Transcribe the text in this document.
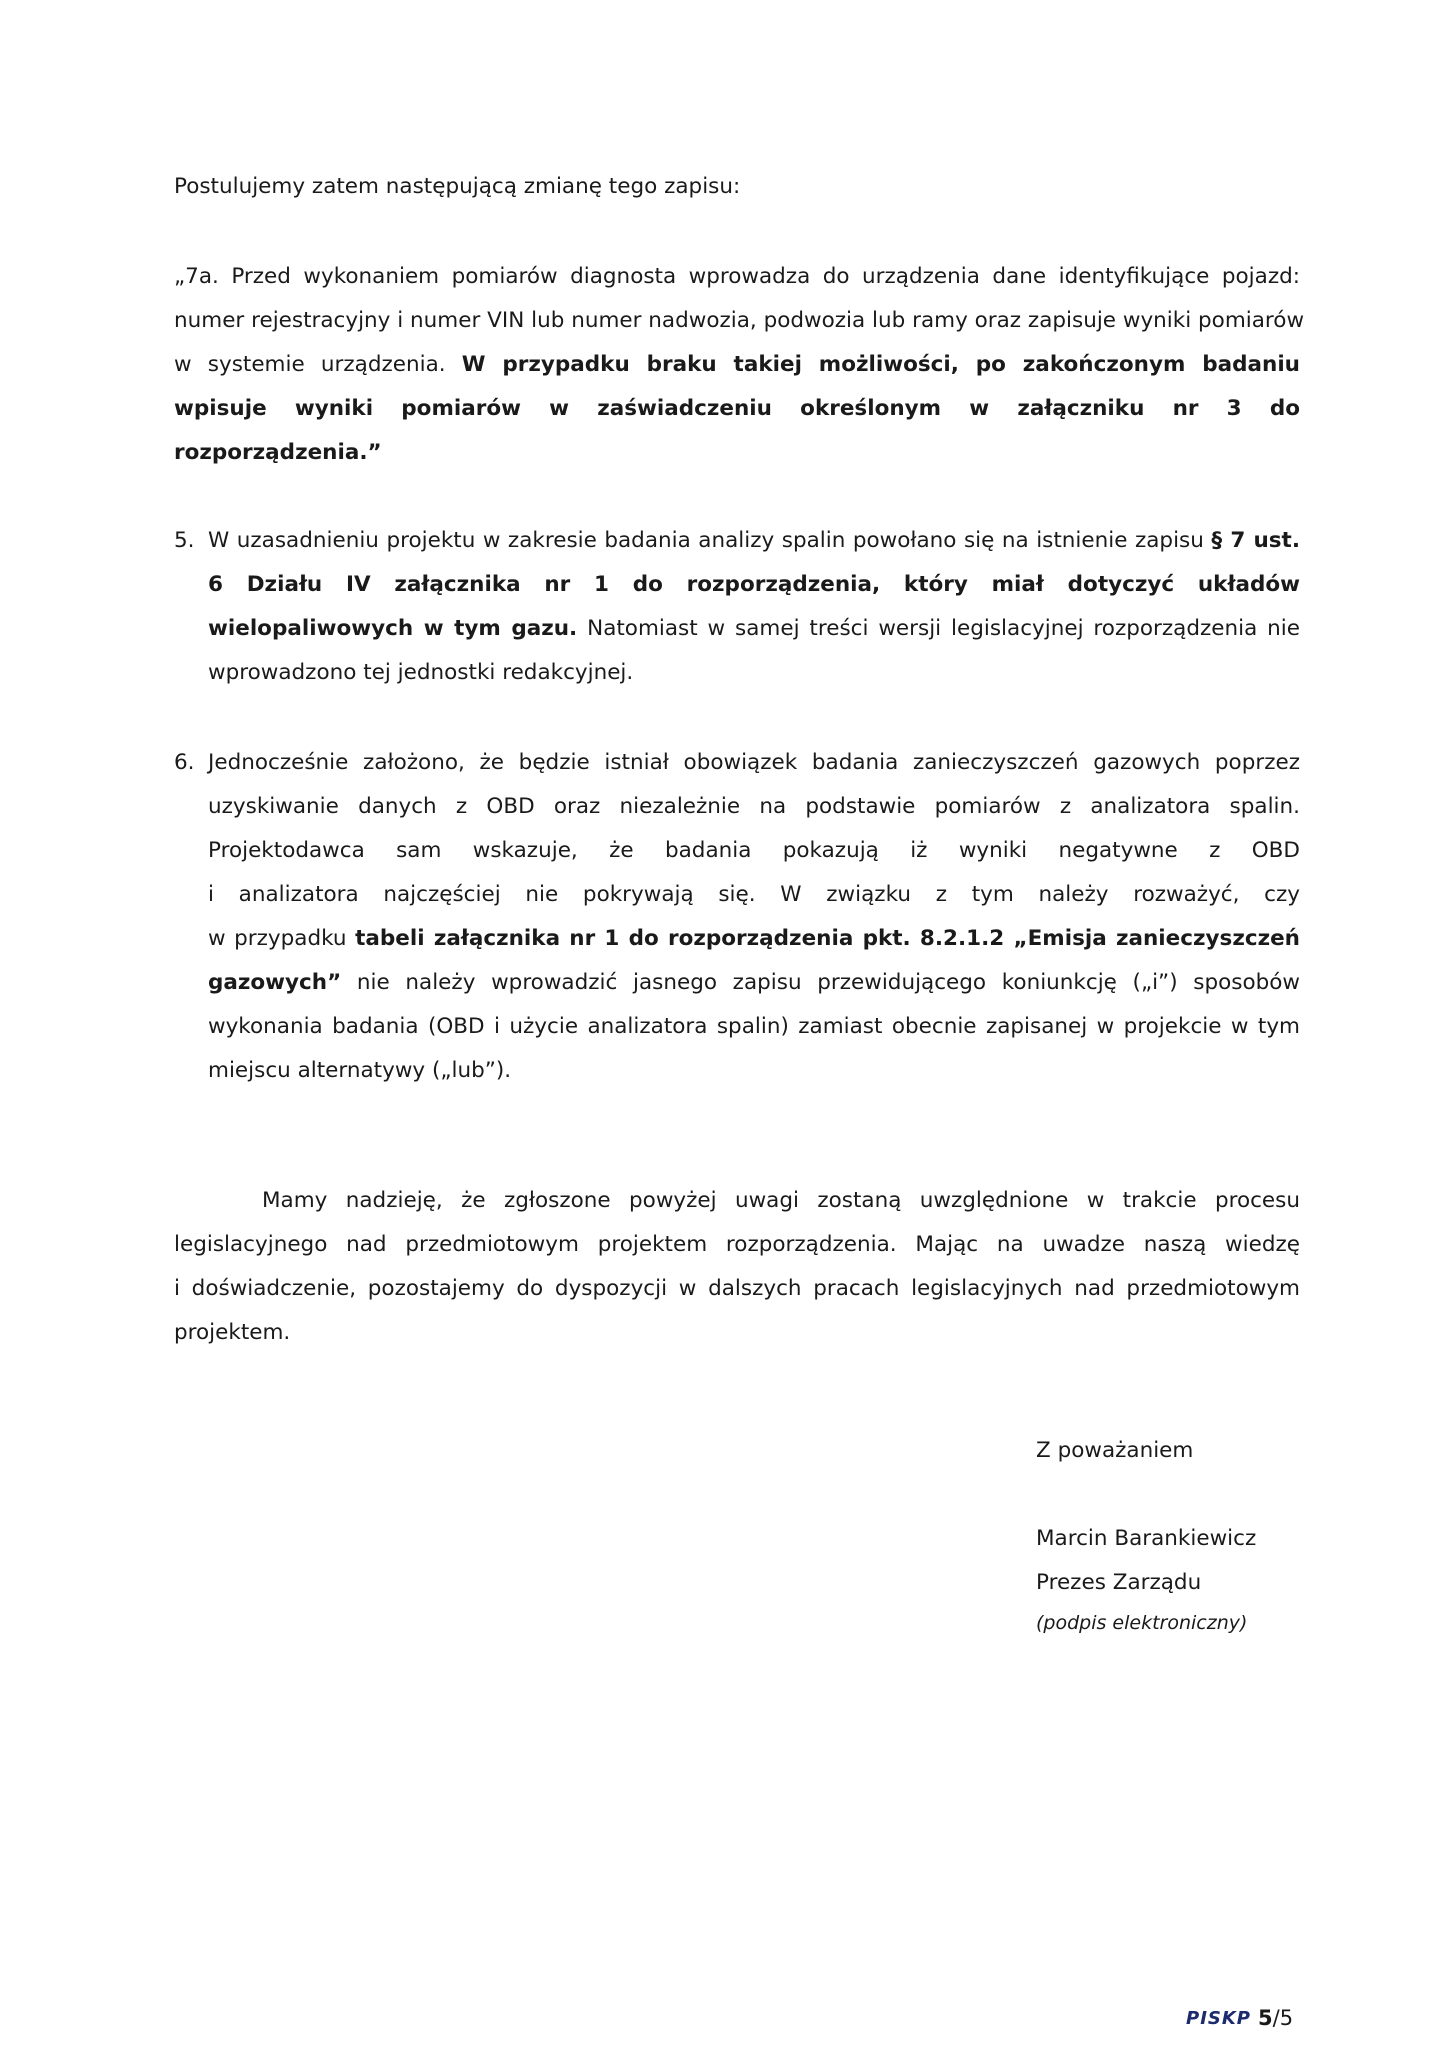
Postulujemy zatem następującą zmianę tego zapisu:
„7a. Przed wykonaniem pomiarów diagnosta wprowadza do urządzenia dane identyfikujące pojazd:
numer rejestracyjny i numer VIN lub numer nadwozia, podwozia lub ramy oraz zapisuje wyniki pomiarów
w systemie urządzenia. W przypadku braku takiej możliwości, po zakończonym badaniu
wpisuje wyniki pomiarów w zaświadczeniu określonym w załączniku nr 3 do
rozporządzenia.”
5. W uzasadnieniu projektu w zakresie badania analizy spalin powołano się na istnienie zapisu § 7 ust.
6 Działu IV załącznika nr 1 do rozporządzenia, który miał dotyczyć układów
wielopaliwowych w tym gazu. Natomiast w samej treści wersji legislacyjnej rozporządzenia nie
wprowadzono tej jednostki redakcyjnej.
6. Jednocześnie założono, że będzie istniał obowiązek badania zanieczyszczeń gazowych poprzez
uzyskiwanie danych z OBD oraz niezależnie na podstawie pomiarów z analizatora spalin.
Projektodawca sam wskazuje, że badania pokazują iż wyniki negatywne z OBD
i analizatora najczęściej nie pokrywają się. W związku z tym należy rozważyć, czy
w przypadku tabeli załącznika nr 1 do rozporządzenia pkt. 8.2.1.2 „Emisja zanieczyszczeń
gazowych” nie należy wprowadzić jasnego zapisu przewidującego koniunkcję („i”) sposobów
wykonania badania (OBD i użycie analizatora spalin) zamiast obecnie zapisanej w projekcie w tym
miejscu alternatywy („lub”).
Mamy nadzieję, że zgłoszone powyżej uwagi zostaną uwzględnione w trakcie procesu
legislacyjnego nad przedmiotowym projektem rozporządzenia. Mając na uwadze naszą wiedzę
i doświadczenie, pozostajemy do dyspozycji w dalszych pracach legislacyjnych nad przedmiotowym
projektem.
Z poważaniem
Marcin Barankiewicz
Prezes Zarządu
(podpis elektroniczny)
PISKP 5/5
